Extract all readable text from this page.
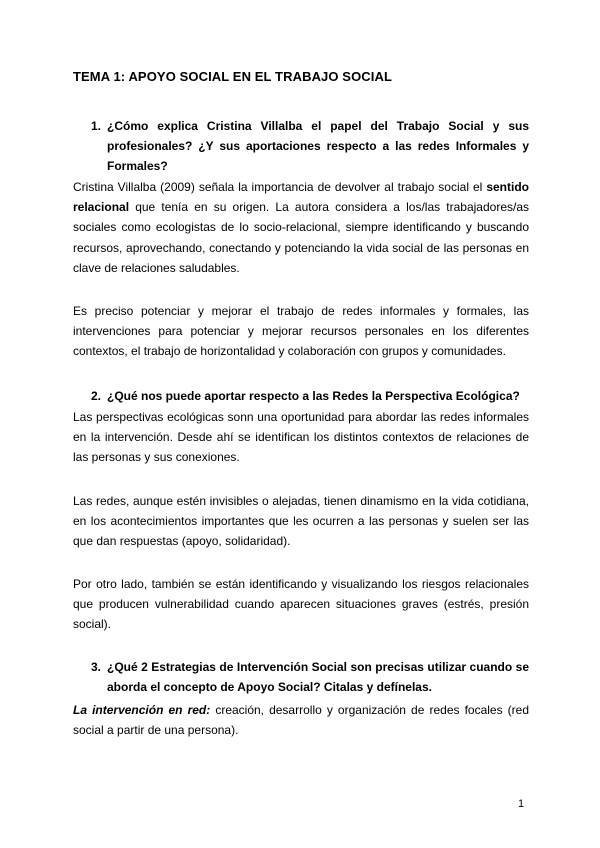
TEMA 1: APOYO SOCIAL EN EL TRABAJO SOCIAL
1. ¿Cómo explica Cristina Villalba el papel del Trabajo Social y sus profesionales? ¿Y sus aportaciones respecto a las redes Informales y Formales?
Cristina Villalba (2009) señala la importancia de devolver al trabajo social el sentido relacional que tenía en su origen. La autora considera a los/las trabajadores/as sociales como ecologistas de lo socio-relacional, siempre identificando y buscando recursos, aprovechando, conectando y potenciando la vida social de las personas en clave de relaciones saludables.
Es preciso potenciar y mejorar el trabajo de redes informales y formales, las intervenciones para potenciar y mejorar recursos personales en los diferentes contextos, el trabajo de horizontalidad y colaboración con grupos y comunidades.
2. ¿Qué nos puede aportar respecto a las Redes la Perspectiva Ecológica?
Las perspectivas ecológicas sonn una oportunidad para abordar las redes informales en la intervención. Desde ahí se identifican los distintos contextos de relaciones de las personas y sus conexiones.
Las redes, aunque estén invisibles o alejadas, tienen dinamismo en la vida cotidiana, en los acontecimientos importantes que les ocurren a las personas y suelen ser las que dan respuestas (apoyo, solidaridad).
Por otro lado, también se están identificando y visualizando los riesgos relacionales que producen vulnerabilidad cuando aparecen situaciones graves (estrés, presión social).
3. ¿Qué 2 Estrategias de Intervención Social son precisas utilizar cuando se aborda el concepto de Apoyo Social? Citalas y defínelas.
La intervención en red: creación, desarrollo y organización de redes focales (red social a partir de una persona).
1
